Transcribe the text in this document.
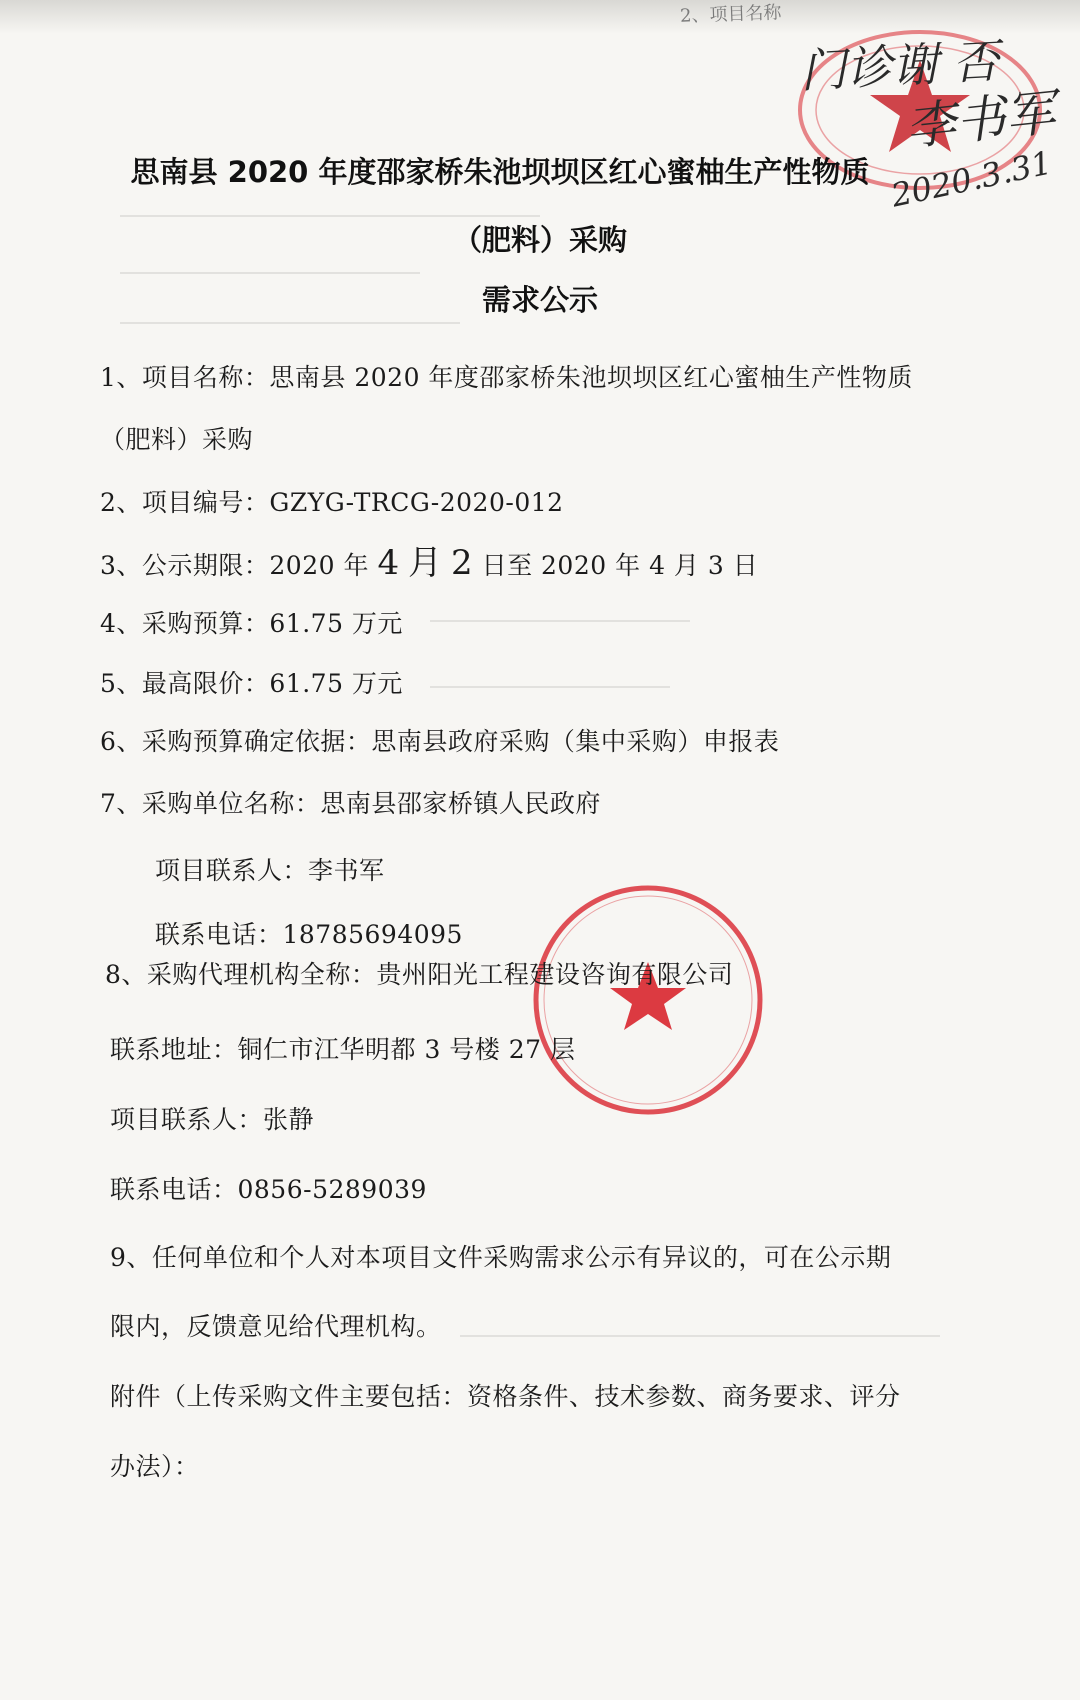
2、项目名称
门诊谢 否
李书军
2020.3.31
思南县 2020 年度邵家桥朱池坝坝区红心蜜柚生产性物质
（肥料）采购
需求公示
1、项目名称：思南县 2020 年度邵家桥朱池坝坝区红心蜜柚生产性物质
（肥料）采购
2、项目编号：GZYG-TRCG-2020-012
3、公示期限：2020 年 4 月 2 日至 2020 年 4 月 3 日
4、采购预算：61.75 万元
5、最高限价：61.75 万元
6、采购预算确定依据：思南县政府采购（集中采购）申报表
7、采购单位名称：思南县邵家桥镇人民政府
项目联系人：李书军
联系电话：18785694095
8、采购代理机构全称：贵州阳光工程建设咨询有限公司
联系地址：铜仁市江华明都 3 号楼 27 层
项目联系人：张静
联系电话：0856-5289039
9、任何单位和个人对本项目文件采购需求公示有异议的，可在公示期
限内，反馈意见给代理机构。
附件（上传采购文件主要包括：资格条件、技术参数、商务要求、评分
办法）：
